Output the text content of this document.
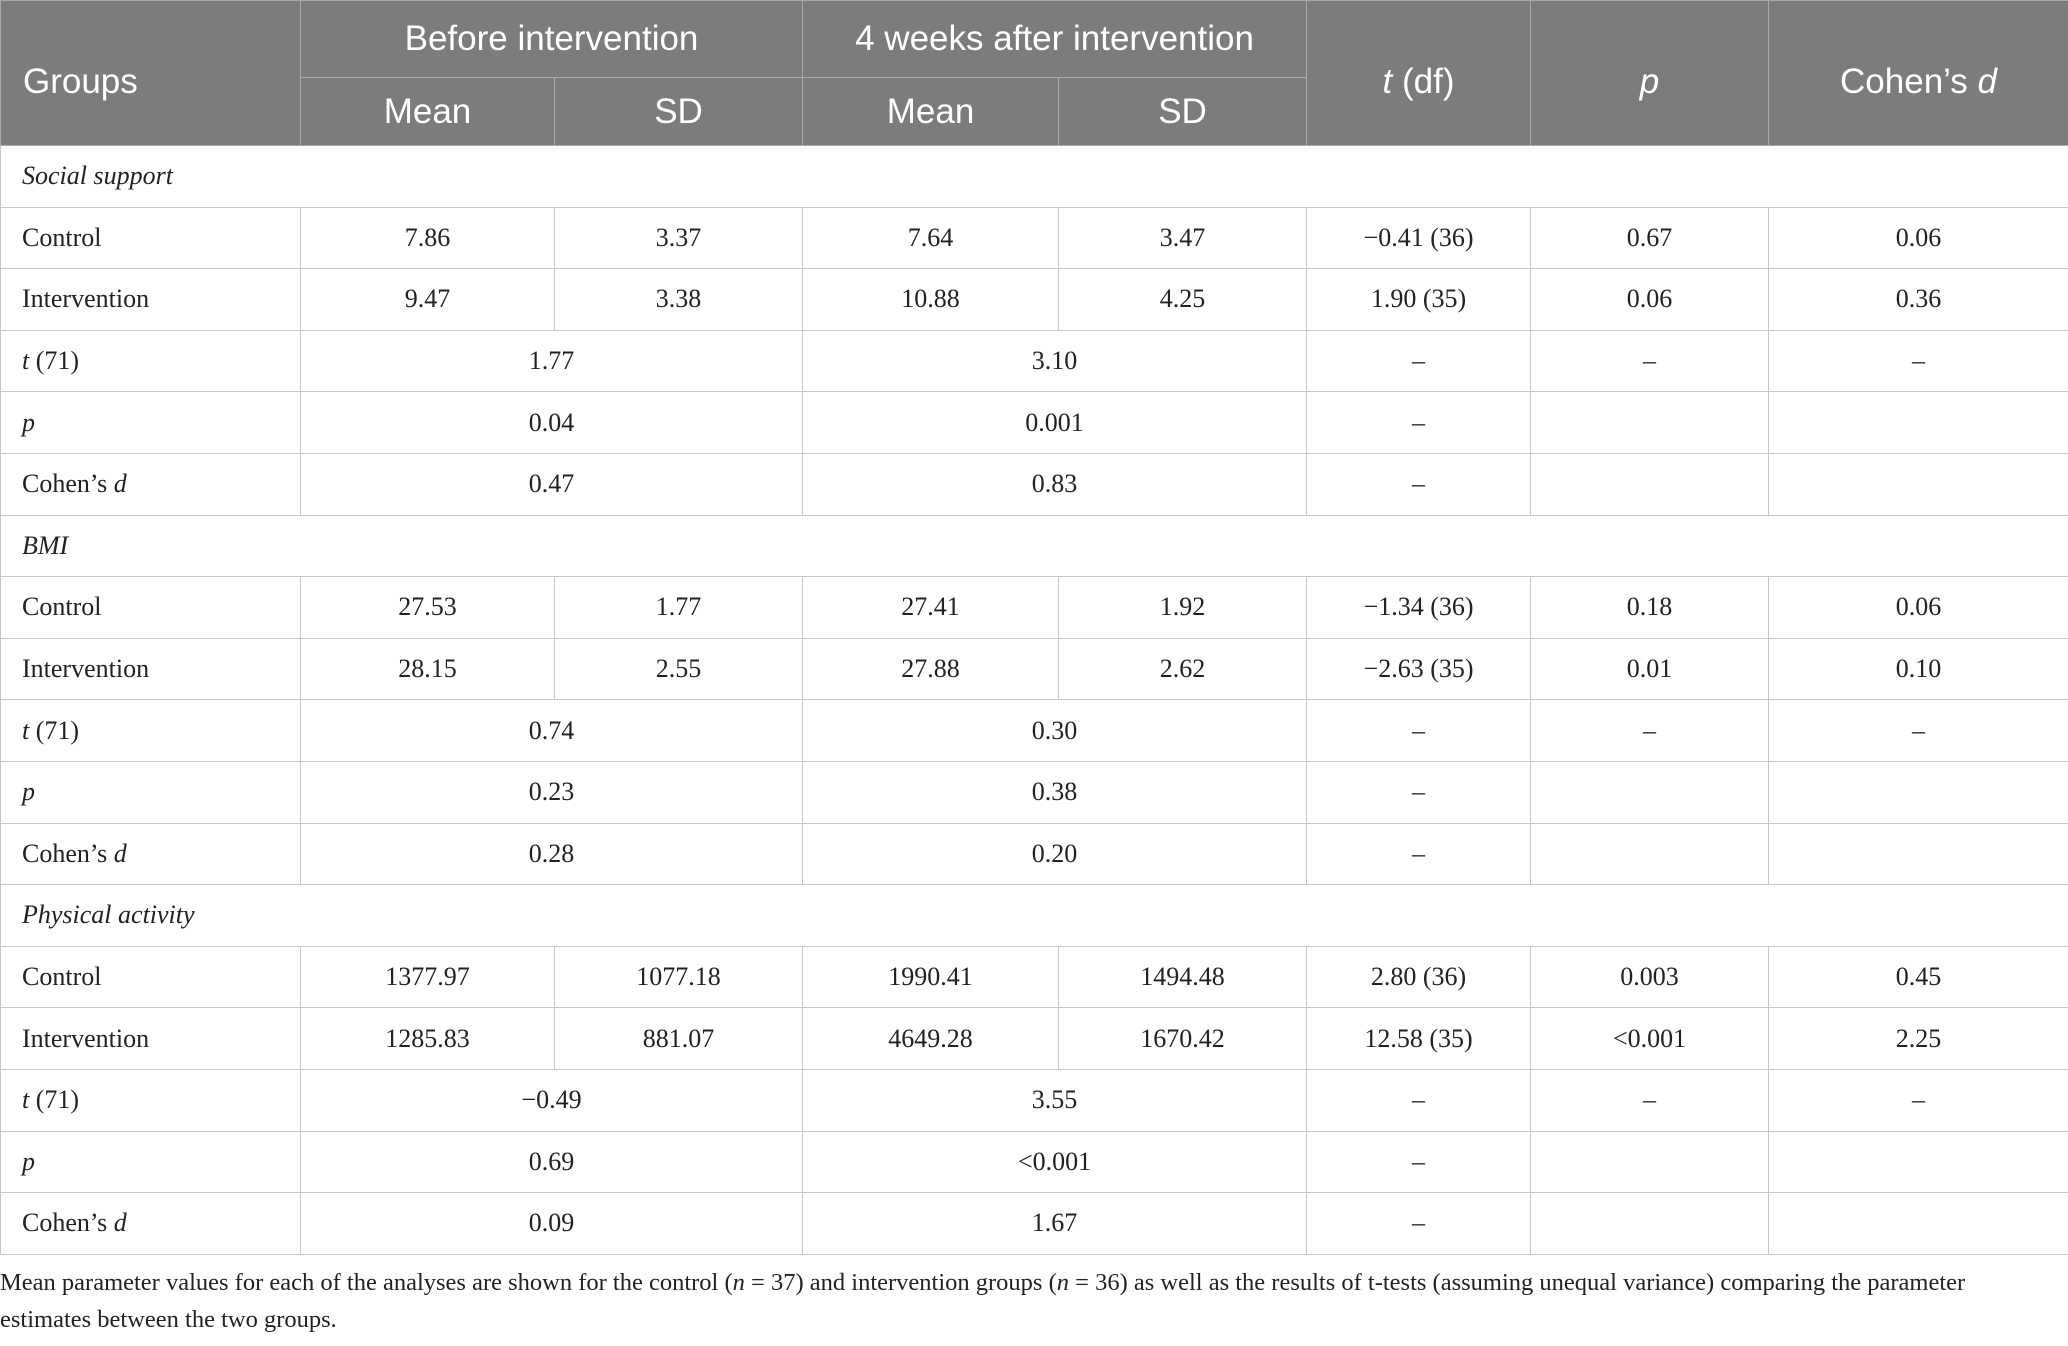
Groups	Before intervention		4 weeks after intervention		t (df)	p	Cohen’s d
	Mean	SD	Mean	SD			
Social support							
Control	7.86	3.37	7.64	3.47	−0.41 (36)	0.67	0.06
Intervention	9.47	3.38	10.88	4.25	1.90 (35)	0.06	0.36
t (71)	1.77		3.10		–	–	–
p	0.04		0.001		–		
Cohen’s d	0.47		0.83		–		
BMI							
Control	27.53	1.77	27.41	1.92	−1.34 (36)	0.18	0.06
Intervention	28.15	2.55	27.88	2.62	−2.63 (35)	0.01	0.10
t (71)	0.74		0.30		–	–	–
p	0.23		0.38		–		
Cohen’s d	0.28		0.20		–		
Physical activity							
Control	1377.97	1077.18	1990.41	1494.48	2.80 (36)	0.003	0.45
Intervention	1285.83	881.07	4649.28	1670.42	12.58 (35)	<0.001	2.25
t (71)	−0.49		3.55		–	–	–
p	0.69		<0.001		–		
Cohen’s d	0.09		1.67		–		
Mean parameter values for each of the analyses are shown for the control (n = 37) and intervention groups (n = 36) as well as the results of t-tests (assuming unequal variance) comparing the parameter estimates between the two groups.
